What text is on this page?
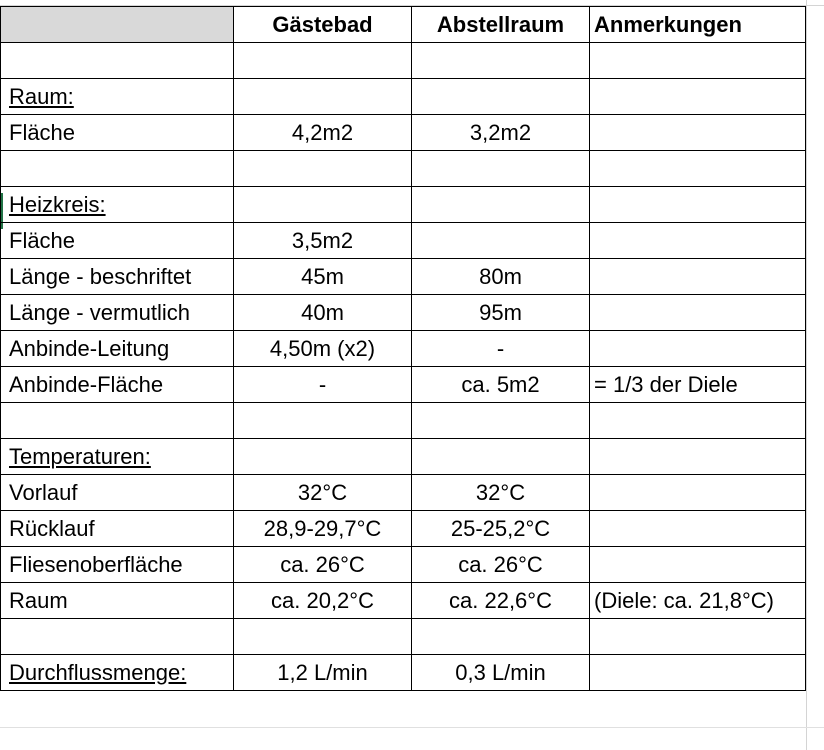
	Gästebad	Abstellraum	Anmerkungen

Raum:			
Fläche	4,2m2	3,2m2	

Heizkreis:			
Fläche	3,5m2		
Länge - beschriftet	45m	80m	
Länge - vermutlich	40m	95m	
Anbinde-Leitung	4,50m (x2)	-	
Anbinde-Fläche	-	ca. 5m2	= 1/3 der Diele

Temperaturen:			
Vorlauf	32°C	32°C	
Rücklauf	28,9-29,7°C	25-25,2°C	
Fliesenoberfläche	ca. 26°C	ca. 26°C	
Raum	ca. 20,2°C	ca. 22,6°C	(Diele: ca. 21,8°C)

Durchflussmenge:	1,2 L/min	0,3 L/min	
